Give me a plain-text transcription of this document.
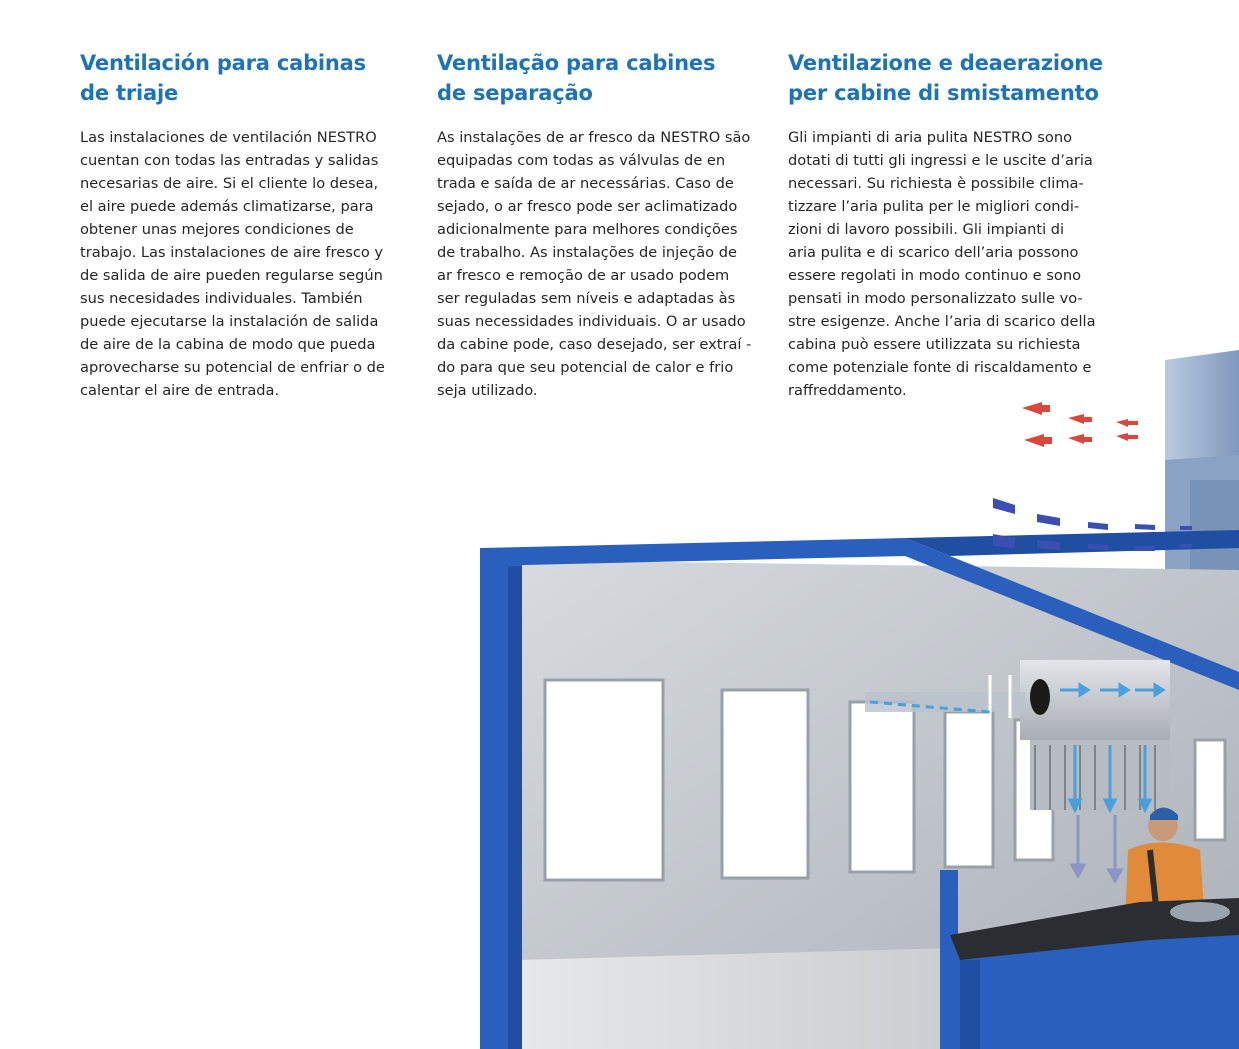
Ventilación para cabinas
de triaje

Las instalaciones de ventilación NESTRO
cuentan con todas las entradas y salidas
necesarias de aire. Si el cliente lo desea,
el aire puede además climatizarse, para
obtener unas mejores condiciones de
trabajo. Las instalaciones de aire fresco y
de salida de aire pueden regularse según
sus necesidades individuales. También
puede ejecutarse la instalación de salida
de aire de la cabina de modo que pueda
aprovecharse su potencial de enfriar o de
calentar el aire de entrada.

Ventilação para cabines
de separação

As instalações de ar fresco da NESTRO são
equipadas com todas as válvulas de en
trada e saída de ar necessárias. Caso de
sejado, o ar fresco pode ser aclimatizado
adicionalmente para melhores condições
de trabalho. As instalações de injeção de
ar fresco e remoção de ar usado podem
ser reguladas sem níveis e adaptadas às
suas necessidades individuais. O ar usado
da cabine pode, caso desejado, ser extraí -
do para que seu potencial de calor e frio
seja utilizado.

Ventilazione e deaerazione
per cabine di smistamento

Gli impianti di aria pulita NESTRO sono
dotati di tutti gli ingressi e le uscite d’aria
necessari. Su richiesta è possibile clima-
tizzare l’aria pulita per le migliori condi-
zioni di lavoro possibili. Gli impianti di
aria pulita e di scarico dell’aria possono
essere regolati in modo continuo e sono
pensati in modo personalizzato sulle vo-
stre esigenze. Anche l’aria di scarico della
cabina può essere utilizzata su richiesta
come potenziale fonte di riscaldamento e
raffreddamento.
